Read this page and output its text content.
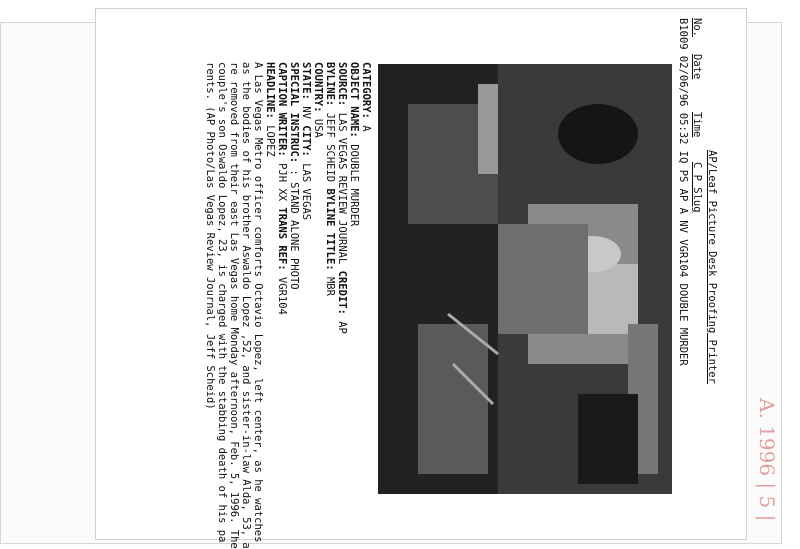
AP/Leaf Picture Desk Proofing Printer
No.
Date
Time
C P Slug
B1009 02/06/96 05:32 IQ PS AP A NV VGR104 DOUBLE MURDER
CATEGORY: A
OBJECT NAME: DOUBLE MURDER
SOURCE: LAS VEGAS REVIEW JOURNAL CREDIT: AP
BYLINE: JEFF SCHEID BYLINE TITLE: MBR
COUNTRY: USA
STATE: NV CITY: LAS VEGAS
SPECIAL INSTRUC: : STAND ALONE PHOTO
CAPTION WRITER: PJH XX TRANS REF: VGR104
HEADLINE: LOPEZ
A Las Vegas Metro officer comforts Octavio Lopez, left center, as he watches
as the bodies of his brother Aswaldo Lopez ,52, and sister-in-law Alda, 53, a
re removed from their east Las Vegas home Monday afternoon, Feb. 5, 1996. The
couple's son Oswaldo Lopez, 23, is charged with the stabbing death of his pa
rents. (AP Photo/Las Vegas Review Journal, Jeff Scheid)
A. 1996 | 5 |
